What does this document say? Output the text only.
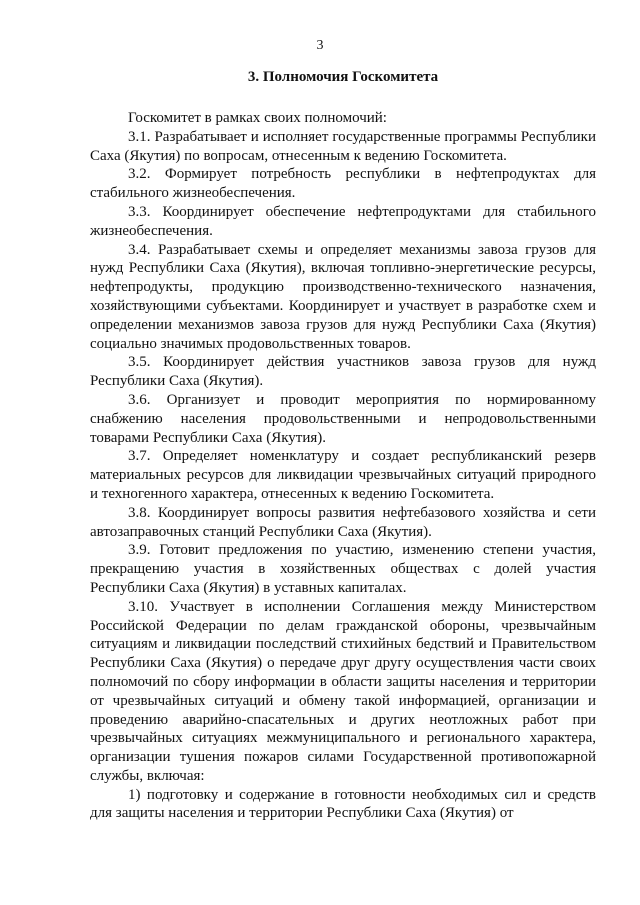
3
3. Полномочия Госкомитета

Госкомитет в рамках своих полномочий:

3.1. Разрабатывает и исполняет государственные программы Республики Саха (Якутия) по вопросам, отнесенным к ведению Госкомитета.

3.2. Формирует потребность республики в нефтепродуктах для стабильного жизнеобеспечения.

3.3. Координирует обеспечение нефтепродуктами для стабильного жизнеобеспечения.

3.4. Разрабатывает схемы и определяет механизмы завоза грузов для нужд Республики Саха (Якутия), включая топливно-энергетические ресурсы, нефтепродукты, продукцию производственно-технического назначения, хозяйствующими субъектами. Координирует и участвует в разработке схем и определении механизмов завоза грузов для нужд Республики Саха (Якутия) социально значимых продовольственных товаров.

3.5. Координирует действия участников завоза грузов для нужд Республики Саха (Якутия).

3.6. Организует и проводит мероприятия по нормированному снабжению населения продовольственными и непродовольственными товарами Республики Саха (Якутия).

3.7. Определяет номенклатуру и создает республиканский резерв материальных ресурсов для ликвидации чрезвычайных ситуаций природного и техногенного характера, отнесенных к ведению Госкомитета.

3.8. Координирует вопросы развития нефтебазового хозяйства и сети автозаправочных станций Республики Саха (Якутия).

3.9. Готовит предложения по участию, изменению степени участия, прекращению участия в хозяйственных обществах с долей участия Республики Саха (Якутия) в уставных капиталах.

3.10. Участвует в исполнении Соглашения между Министерством Российской Федерации по делам гражданской обороны, чрезвычайным ситуациям и ликвидации последствий стихийных бедствий и Правительством Республики Саха (Якутия) о передаче друг другу осуществления части своих полномочий по сбору информации в области защиты населения и территории от чрезвычайных ситуаций и обмену такой информацией, организации и проведению аварийно-спасательных и других неотложных работ при чрезвычайных ситуациях межмуниципального и регионального характера, организации тушения пожаров силами Государственной противопожарной службы, включая:

1) подготовку и содержание в готовности необходимых сил и средств для защиты населения и территории Республики Саха (Якутия) от
